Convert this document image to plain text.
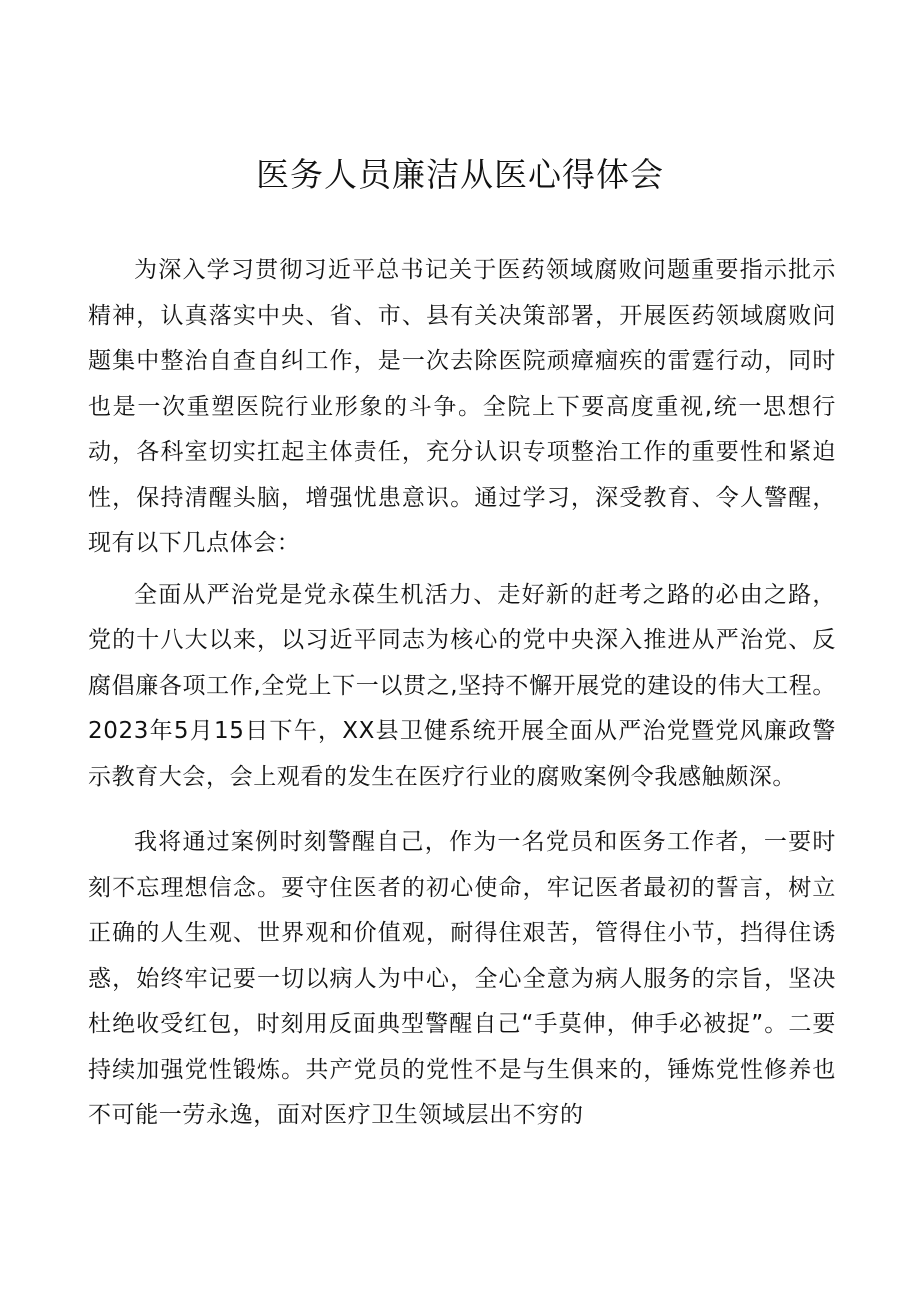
医务人员廉洁从医心得体会

为深入学习贯彻习近平总书记关于医药领域腐败问题重要指示批示精神，认真落实中央、省、市、县有关决策部署，开展医药领域腐败问题集中整治自查自纠工作，是一次去除医院顽瘴痼疾的雷霆行动，同时也是一次重塑医院行业形象的斗争。全院上下要高度重视,统一思想行动，各科室切实扛起主体责任，充分认识专项整治工作的重要性和紧迫性，保持清醒头脑，增强忧患意识。通过学习，深受教育、令人警醒，现有以下几点体会：

全面从严治党是党永葆生机活力、走好新的赶考之路的必由之路，党的十八大以来，以习近平同志为核心的党中央深入推进从严治党、反腐倡廉各项工作,全党上下一以贯之,坚持不懈开展党的建设的伟大工程。2023年5月15日下午，XX县卫健系统开展全面从严治党暨党风廉政警示教育大会，会上观看的发生在医疗行业的腐败案例令我感触颇深。

我将通过案例时刻警醒自己，作为一名党员和医务工作者，一要时刻不忘理想信念。要守住医者的初心使命，牢记医者最初的誓言，树立正确的人生观、世界观和价值观，耐得住艰苦，管得住小节，挡得住诱惑，始终牢记要一切以病人为中心，全心全意为病人服务的宗旨，坚决杜绝收受红包，时刻用反面典型警醒自己“手莫伸，伸手必被捉”。二要持续加强党性锻炼。共产党员的党性不是与生俱来的，锤炼党性修养也不可能一劳永逸，面对医疗卫生领域层出不穷的
